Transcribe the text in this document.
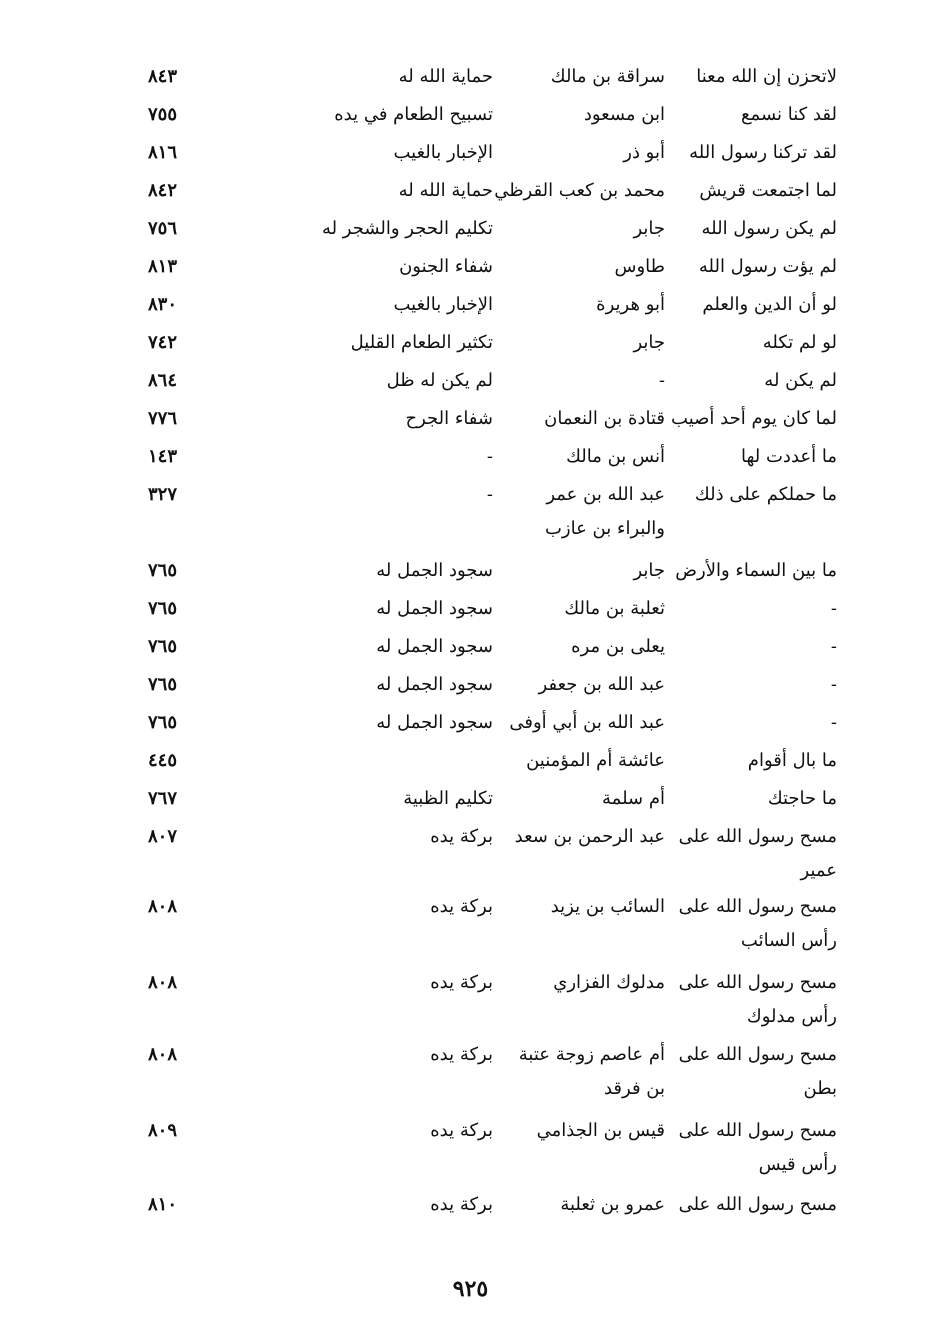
لاتحزن إن الله معنا
سراقة بن مالك
حماية الله له
٨٤٣
لقد كنا نسمع
ابن مسعود
تسبيح الطعام في يده
٧٥٥
لقد تركنا رسول الله
أبو ذر
الإخبار بالغيب
٨١٦
لما اجتمعت قريش
محمد بن كعب القرظي
حماية الله له
٨٤٢
لم يكن رسول الله
جابر
تكليم الحجر والشجر له
٧٥٦
لم يؤت رسول الله
طاوس
شفاء الجنون
٨١٣
لو أن الدين والعلم
أبو هريرة
الإخبار بالغيب
٨٣٠
لو لم تكله
جابر
تكثير الطعام القليل
٧٤٢
لم يكن له
-
لم يكن له ظل
٨٦٤
لما كان يوم أحد أصيب
قتادة بن النعمان
شفاء الجرح
٧٧٦
ما أعددت لها
أنس بن مالك
-
١٤٣
ما حملكم على ذلك
عبد الله بن عمر
-
٣٢٧
والبراء بن عازب
ما بين السماء والأرض
جابر
سجود الجمل له
٧٦٥
-
ثعلبة بن مالك
سجود الجمل له
٧٦٥
-
يعلى بن مره
سجود الجمل له
٧٦٥
-
عبد الله بن جعفر
سجود الجمل له
٧٦٥
-
عبد الله بن أبي أوفى
سجود الجمل له
٧٦٥
ما بال أقوام
عائشة أم المؤمنين
٤٤٥
ما حاجتك
أم سلمة
تكليم الظبية
٧٦٧
مسح رسول الله على
عبد الرحمن بن سعد
بركة يده
٨٠٧
عمير
مسح رسول الله على
السائب بن يزيد
بركة يده
٨٠٨
رأس السائب
مسح رسول الله على
مدلوك الفزاري
بركة يده
٨٠٨
رأس مدلوك
مسح رسول الله على
أم عاصم زوجة عتبة
بركة يده
٨٠٨
بطن
بن فرقد
مسح رسول الله على
قيس بن الجذامي
بركة يده
٨٠٩
رأس قيس
مسح رسول الله على
عمرو بن ثعلبة
بركة يده
٨١٠
٩٢٥
